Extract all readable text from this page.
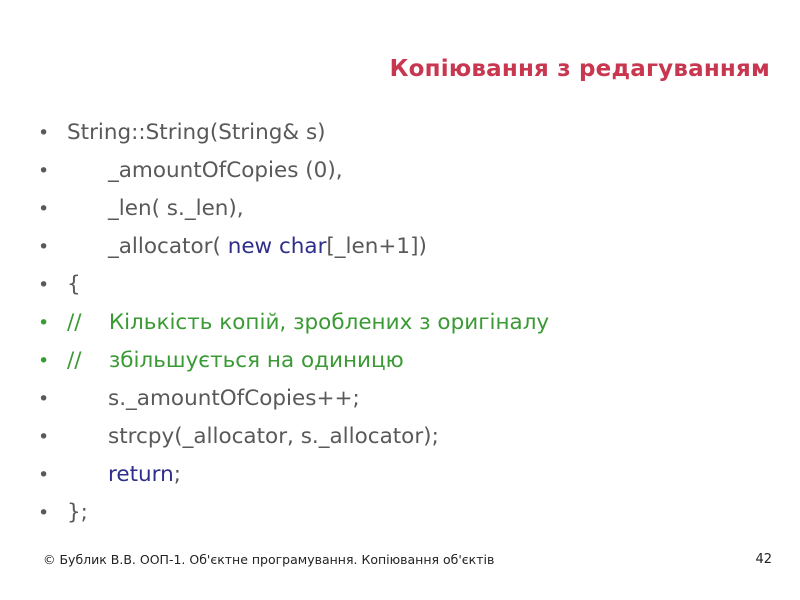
Копіювання з редагуванням
• String::String(String& s)
• _amountOfCopies (0),
• _len( s._len),
• _allocator( new char[_len+1])
• {
• //    Кількість копій, зроблених з оригіналу
• //    збільшується на одиницю
• s._amountOfCopies++;
• strcpy(_allocator, s._allocator);
•	return;
• };
© Бублик В.В. ООП-1. Об'єктне програмування. Копіювання об'єктів	42
